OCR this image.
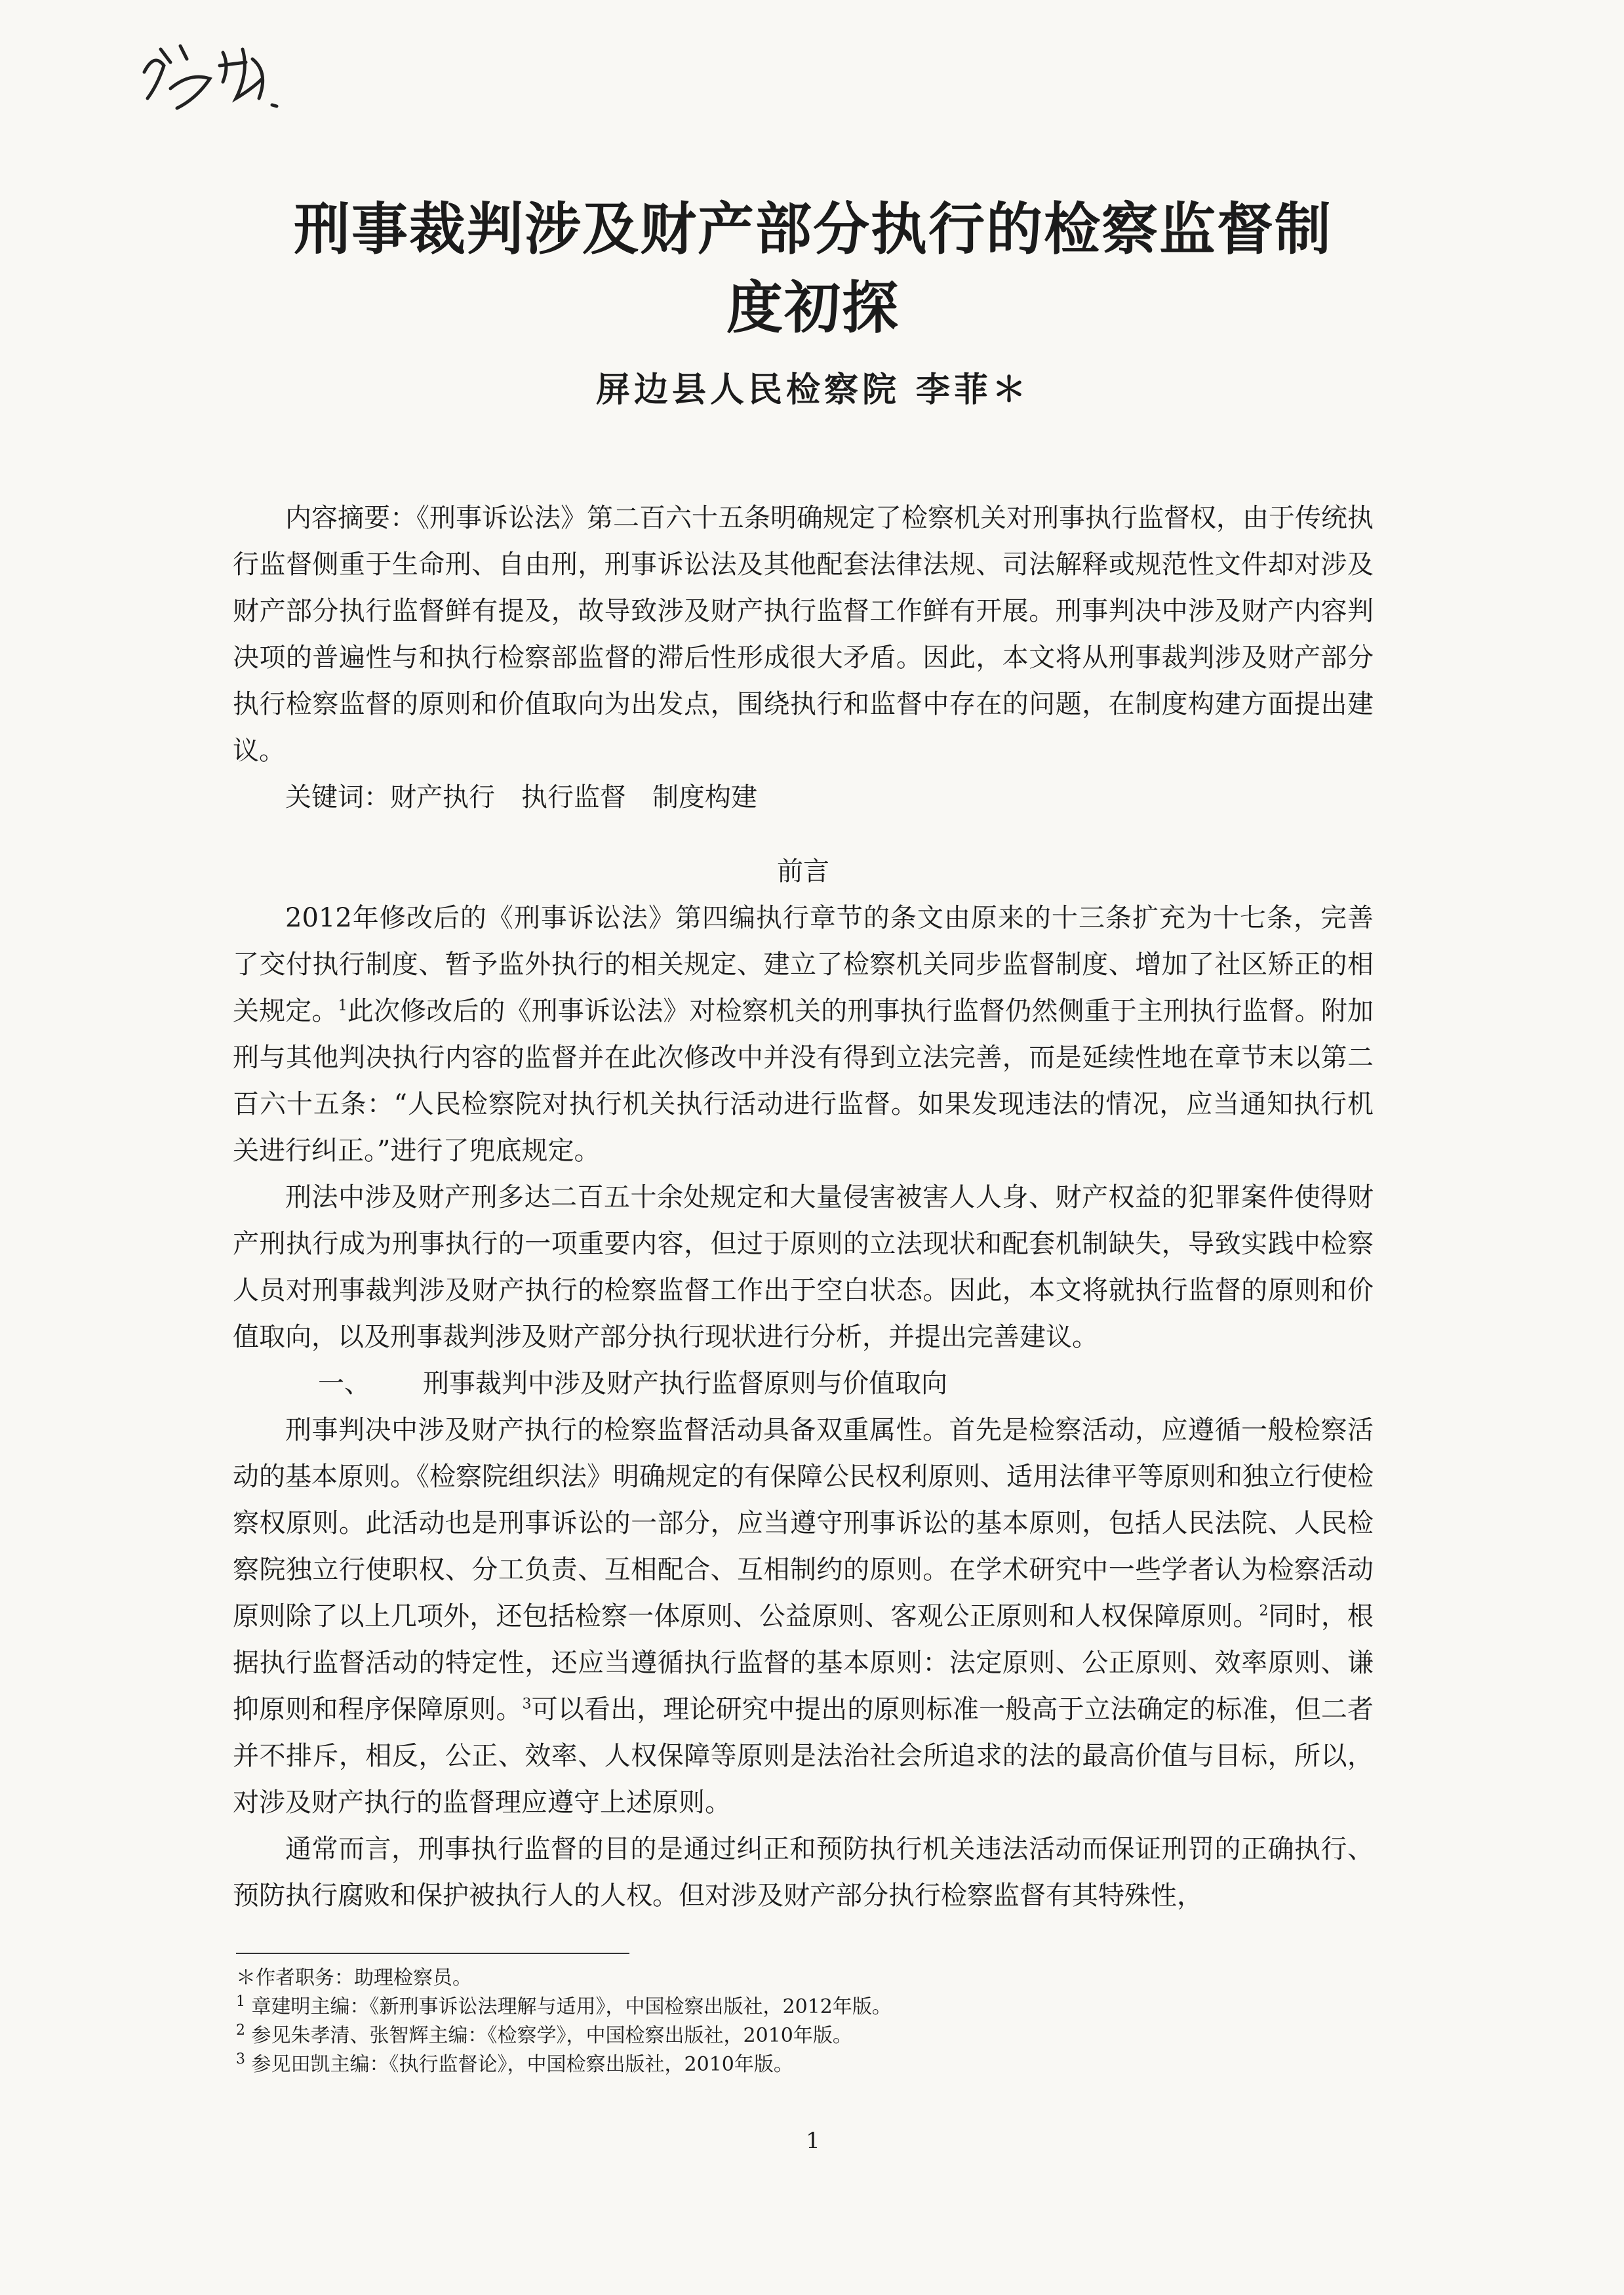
刑事裁判涉及财产部分执行的检察监督制
度初探
屏边县人民检察院 李菲＊

内容摘要：《刑事诉讼法》第二百六十五条明确规定了检察机关对刑事执行监督权，由于传统执行监督侧重于生命刑、自由刑，刑事诉讼法及其他配套法律法规、司法解释或规范性文件却对涉及财产部分执行监督鲜有提及，故导致涉及财产执行监督工作鲜有开展。刑事判决中涉及财产内容判决项的普遍性与和执行检察部监督的滞后性形成很大矛盾。因此，本文将从刑事裁判涉及财产部分执行检察监督的原则和价值取向为出发点，围绕执行和监督中存在的问题，在制度构建方面提出建议。

关键词：财产执行 执行监督 制度构建

前言

2012年修改后的《刑事诉讼法》第四编执行章节的条文由原来的十三条扩充为十七条，完善了交付执行制度、暂予监外执行的相关规定、建立了检察机关同步监督制度、增加了社区矫正的相关规定。$^1$此次修改后的《刑事诉讼法》对检察机关的刑事执行监督仍然侧重于主刑执行监督。附加刑与其他判决执行内容的监督并在此次修改中并没有得到立法完善，而是延续性地在章节末以第二百六十五条：“人民检察院对执行机关执行活动进行监督。如果发现违法的情况，应当通知执行机关进行纠正。”进行了兜底规定。

刑法中涉及财产刑多达二百五十余处规定和大量侵害被害人人身、财产权益的犯罪案件使得财产刑执行成为刑事执行的一项重要内容，但过于原则的立法现状和配套机制缺失，导致实践中检察人员对刑事裁判涉及财产执行的检察监督工作出于空白状态。因此，本文将就执行监督的原则和价值取向，以及刑事裁判涉及财产部分执行现状进行分析，并提出完善建议。

一、 刑事裁判中涉及财产执行监督原则与价值取向

刑事判决中涉及财产执行的检察监督活动具备双重属性。首先是检察活动，应遵循一般检察活动的基本原则。《检察院组织法》明确规定的有保障公民权利原则、适用法律平等原则和独立行使检察权原则。此活动也是刑事诉讼的一部分，应当遵守刑事诉讼的基本原则，包括人民法院、人民检察院独立行使职权、分工负责、互相配合、互相制约的原则。在学术研究中一些学者认为检察活动原则除了以上几项外，还包括检察一体原则、公益原则、客观公正原则和人权保障原则。$^2$同时，根据执行监督活动的特定性，还应当遵循执行监督的基本原则：法定原则、公正原则、效率原则、谦抑原则和程序保障原则。$^3$可以看出，理论研究中提出的原则标准一般高于立法确定的标准，但二者并不排斥，相反，公正、效率、人权保障等原则是法治社会所追求的法的最高价值与目标，所以，对涉及财产执行的监督理应遵守上述原则。

通常而言，刑事执行监督的目的是通过纠正和预防执行机关违法活动而保证刑罚的正确执行、预防执行腐败和保护被执行人的人权。但对涉及财产部分执行检察监督有其特殊性，

＊作者职务：助理检察员。

$^1$ 章建明主编：《新刑事诉讼法理解与适用》，中国检察出版社，2012年版。

$^2$ 参见朱孝清、张智辉主编：《检察学》，中国检察出版社，2010年版。

$^3$ 参见田凯主编：《执行监督论》，中国检察出版社，2010年版。

1
